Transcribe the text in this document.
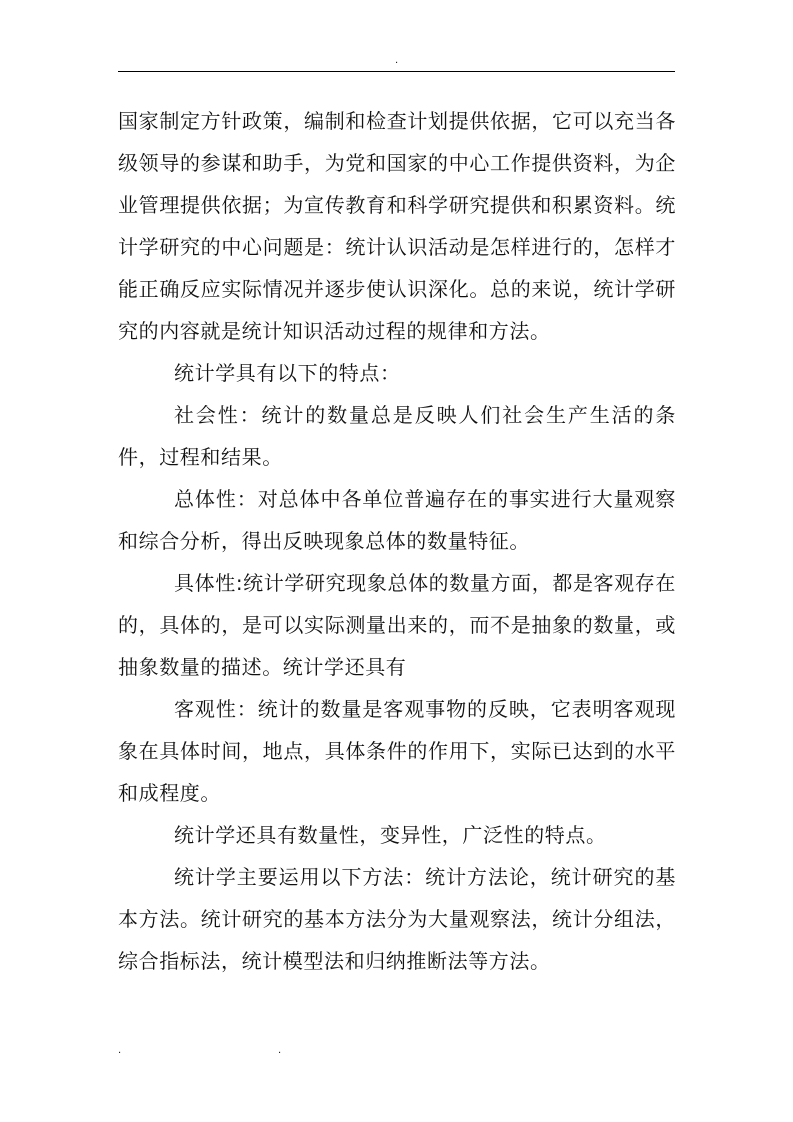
.

国家制定方针政策，编制和检查计划提供依据，它可以充当各级领导的参谋和助手，为党和国家的中心工作提供资料，为企业管理提供依据；为宣传教育和科学研究提供和积累资料。统计学研究的中心问题是：统计认识活动是怎样进行的，怎样才能正确反应实际情况并逐步使认识深化。总的来说，统计学研究的内容就是统计知识活动过程的规律和方法。

统计学具有以下的特点：

社会性：统计的数量总是反映人们社会生产生活的条件，过程和结果。

总体性：对总体中各单位普遍存在的事实进行大量观察和综合分析，得出反映现象总体的数量特征。

具体性:统计学研究现象总体的数量方面，都是客观存在的，具体的，是可以实际测量出来的，而不是抽象的数量，或抽象数量的描述。统计学还具有

客观性：统计的数量是客观事物的反映，它表明客观现象在具体时间，地点，具体条件的作用下，实际已达到的水平和成程度。

统计学还具有数量性，变异性，广泛性的特点。

统计学主要运用以下方法：统计方法论，统计研究的基本方法。统计研究的基本方法分为大量观察法，统计分组法，综合指标法，统计模型法和归纳推断法等方法。

.	.
